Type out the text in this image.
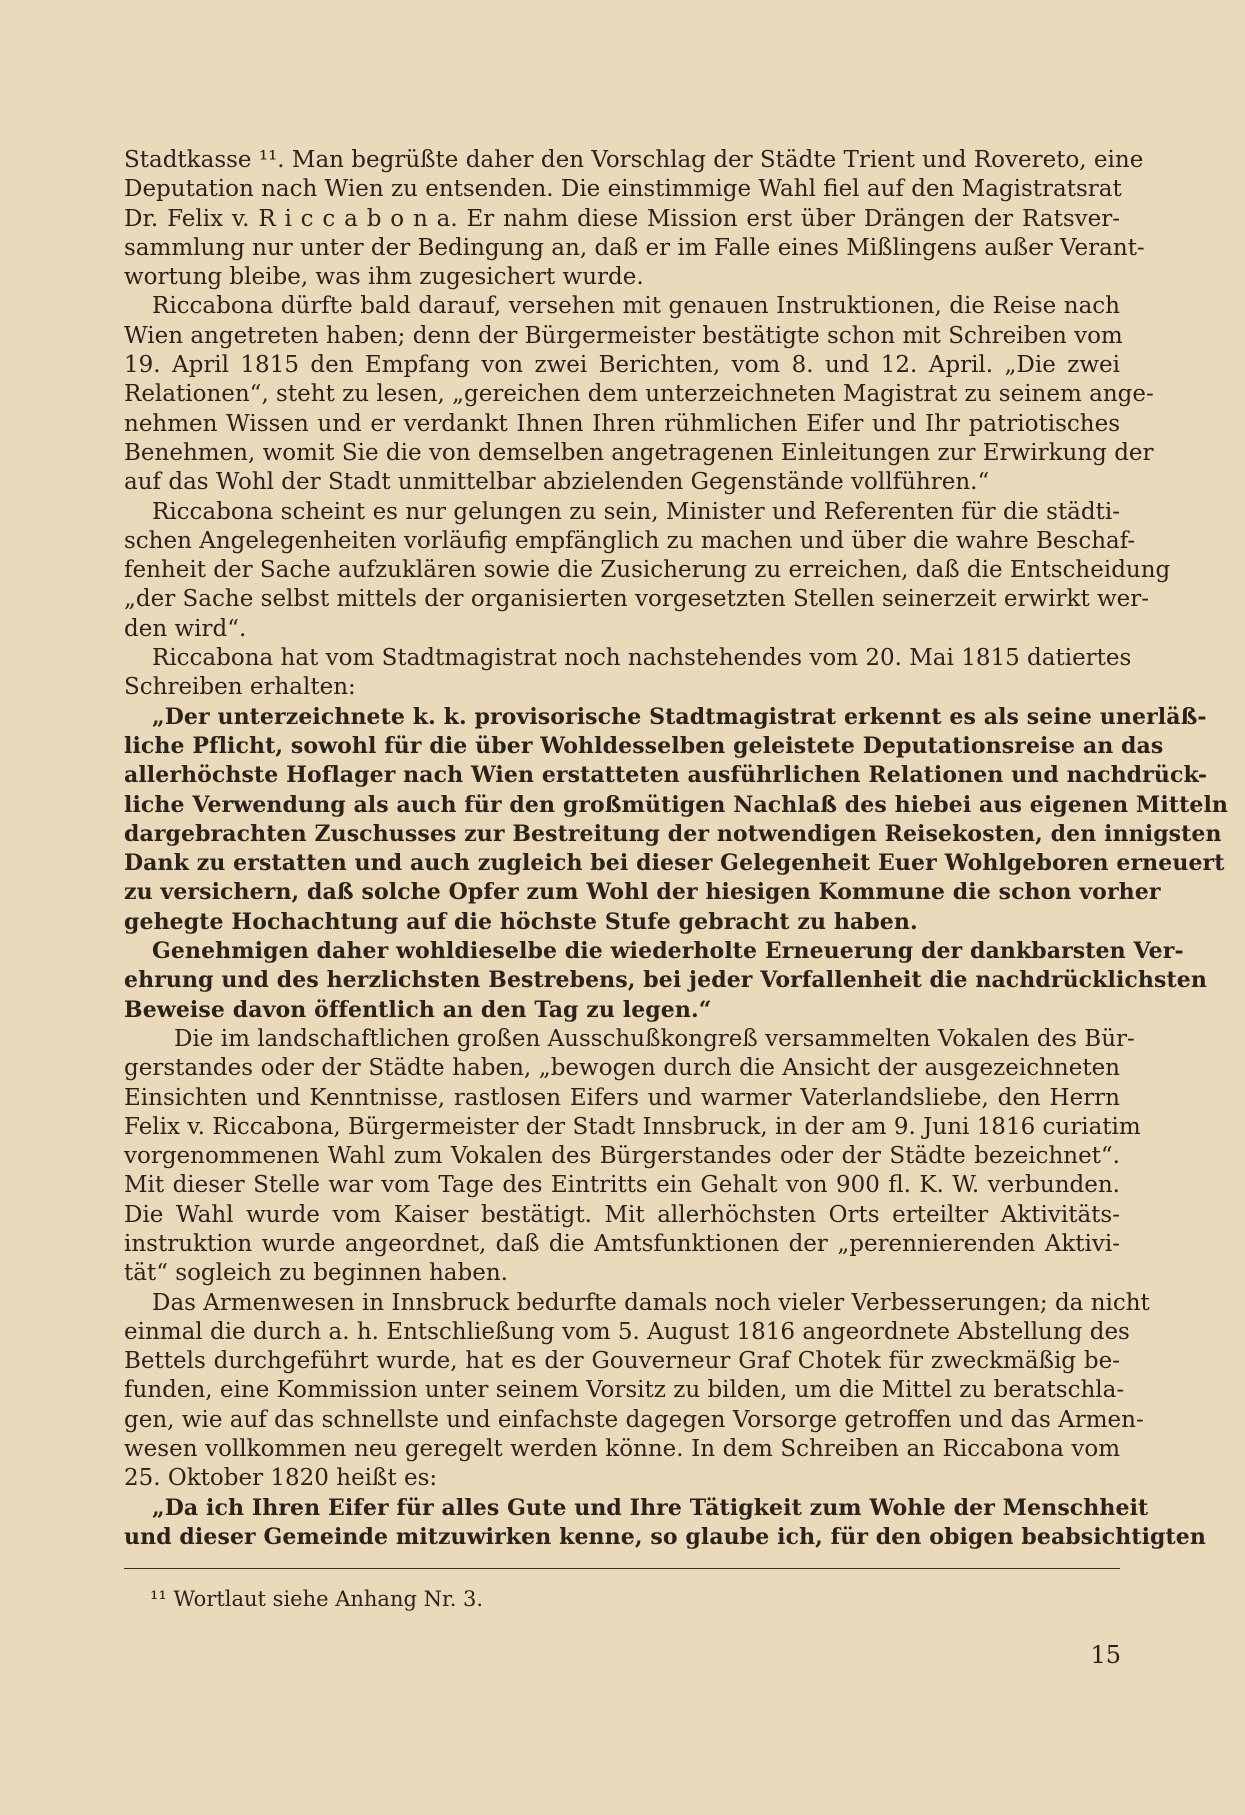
Stadtkasse ¹¹. Man begrüßte daher den Vorschlag der Städte Trient und Rovereto, eine
Deputation nach Wien zu entsenden. Die einstimmige Wahl fiel auf den Magistratsrat
Dr. Felix v. R i c c a b o n a. Er nahm diese Mission erst über Drängen der Ratsver-
sammlung nur unter der Bedingung an, daß er im Falle eines Mißlingens außer Verant-
wortung bleibe, was ihm zugesichert wurde.
Riccabona dürfte bald darauf, versehen mit genauen Instruktionen, die Reise nach
Wien angetreten haben; denn der Bürgermeister bestätigte schon mit Schreiben vom
19. April 1815 den Empfang von zwei Berichten, vom 8. und 12. April. „Die zwei
Relationen“, steht zu lesen, „gereichen dem unterzeichneten Magistrat zu seinem ange-
nehmen Wissen und er verdankt Ihnen Ihren rühmlichen Eifer und Ihr patriotisches
Benehmen, womit Sie die von demselben angetragenen Einleitungen zur Erwirkung der
auf das Wohl der Stadt unmittelbar abzielenden Gegenstände vollführen.“
Riccabona scheint es nur gelungen zu sein, Minister und Referenten für die städti-
schen Angelegenheiten vorläufig empfänglich zu machen und über die wahre Beschaf-
fenheit der Sache aufzuklären sowie die Zusicherung zu erreichen, daß die Entscheidung
„der Sache selbst mittels der organisierten vorgesetzten Stellen seinerzeit erwirkt wer-
den wird“.
Riccabona hat vom Stadtmagistrat noch nachstehendes vom 20. Mai 1815 datiertes
Schreiben erhalten:
„Der unterzeichnete k. k. provisorische Stadtmagistrat erkennt es als seine unerläß-
liche Pflicht, sowohl für die über Wohldesselben geleistete Deputationsreise an das
allerhöchste Hoflager nach Wien erstatteten ausführlichen Relationen und nachdrück-
liche Verwendung als auch für den großmütigen Nachlaß des hiebei aus eigenen Mitteln
dargebrachten Zuschusses zur Bestreitung der notwendigen Reisekosten, den innigsten
Dank zu erstatten und auch zugleich bei dieser Gelegenheit Euer Wohlgeboren erneuert
zu versichern, daß solche Opfer zum Wohl der hiesigen Kommune die schon vorher
gehegte Hochachtung auf die höchste Stufe gebracht zu haben.
Genehmigen daher wohldieselbe die wiederholte Erneuerung der dankbarsten Ver-
ehrung und des herzlichsten Bestrebens, bei jeder Vorfallenheit die nachdrücklichsten
Beweise davon öffentlich an den Tag zu legen.“
Die im landschaftlichen großen Ausschußkongreß versammelten Vokalen des Bür-
gerstandes oder der Städte haben, „bewogen durch die Ansicht der ausgezeichneten
Einsichten und Kenntnisse, rastlosen Eifers und warmer Vaterlandsliebe, den Herrn
Felix v. Riccabona, Bürgermeister der Stadt Innsbruck, in der am 9. Juni 1816 curiatim
vorgenommenen Wahl zum Vokalen des Bürgerstandes oder der Städte bezeichnet“.
Mit dieser Stelle war vom Tage des Eintritts ein Gehalt von 900 fl. K. W. verbunden.
Die Wahl wurde vom Kaiser bestätigt. Mit allerhöchsten Orts erteilter Aktivitäts-
instruktion wurde angeordnet, daß die Amtsfunktionen der „perennierenden Aktivi-
tät“ sogleich zu beginnen haben.
Das Armenwesen in Innsbruck bedurfte damals noch vieler Verbesserungen; da nicht
einmal die durch a. h. Entschließung vom 5. August 1816 angeordnete Abstellung des
Bettels durchgeführt wurde, hat es der Gouverneur Graf Chotek für zweckmäßig be-
funden, eine Kommission unter seinem Vorsitz zu bilden, um die Mittel zu beratschla-
gen, wie auf das schnellste und einfachste dagegen Vorsorge getroffen und das Armen-
wesen vollkommen neu geregelt werden könne. In dem Schreiben an Riccabona vom
25. Oktober 1820 heißt es:
„Da ich Ihren Eifer für alles Gute und Ihre Tätigkeit zum Wohle der Menschheit
und dieser Gemeinde mitzuwirken kenne, so glaube ich, für den obigen beabsichtigten
¹¹ Wortlaut siehe Anhang Nr. 3.
15
